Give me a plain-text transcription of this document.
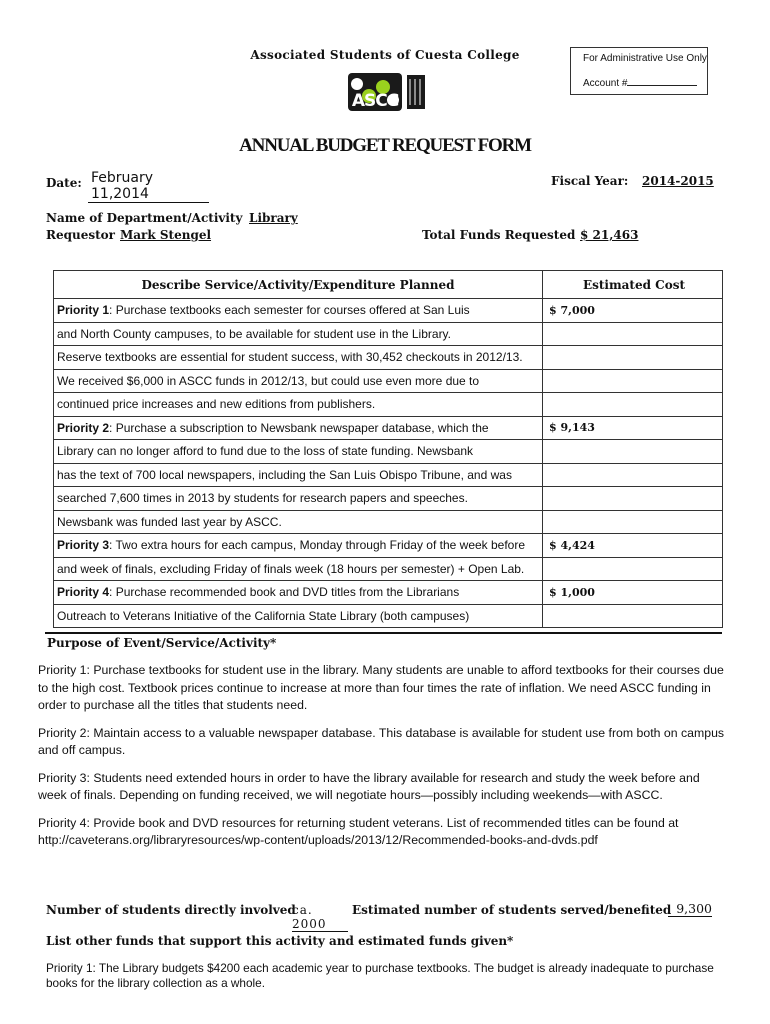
Associated Students of Cuesta College	For Administrative Use Only
Account #
ASCC
ANNUAL BUDGET REQUEST FORM
Date: February 11,2014
Fiscal Year: 2014-2015
Name of Department/Activity Library
Requestor Mark Stengel	Total Funds Requested $ 21,463
Describe Service/Activity/Expenditure Planned	Estimated Cost
Priority 1: Purchase textbooks each semester for courses offered at San Luis	$ 7,000
and North County campuses, to be available for student use in the Library.	
Reserve textbooks are essential for student success, with 30,452 checkouts in 2012/13.	
We received $6,000 in ASCC funds in 2012/13, but could use even more due to	
continued price increases and new editions from publishers.	
Priority 2: Purchase a subscription to Newsbank newspaper database, which the	$ 9,143
Library can no longer afford to fund due to the loss of state funding. Newsbank	
has the text of 700 local newspapers, including the San Luis Obispo Tribune, and was	
searched 7,600 times in 2013 by students for research papers and speeches.	
Newsbank was funded last year by ASCC.	
Priority 3: Two extra hours for each campus, Monday through Friday of the week before	$ 4,424
and week of finals, excluding Friday of finals week (18 hours per semester) + Open Lab.	
Priority 4: Purchase recommended book and DVD titles from the Librarians	$ 1,000
Outreach to Veterans Initiative of the California State Library (both campuses)	
Purpose of Event/Service/Activity*

Priority 1: Purchase textbooks for student use in the library. Many students are unable to afford textbooks for their courses due to the high cost. Textbook prices continue to increase at more than four times the rate of inflation. We need ASCC funding in order to purchase all the titles that students need.

Priority 2: Maintain access to a valuable newspaper database. This database is available for student use from both on campus and off campus.

Priority 3: Students need extended hours in order to have the library available for research and study the week before and week of finals. Depending on funding received, we will negotiate hours—possibly including weekends—with ASCC.

Priority 4: Provide book and DVD resources for returning student veterans. List of recommended titles can be found at http://caveterans.org/libraryresources/wp-content/uploads/2013/12/Recommended-books-and-dvds.pdf

Number of students directly involved
ca. 2000
Estimated number of students served/benefited 9,300
List other funds that support this activity and estimated funds given*
Priority 1: The Library budgets $4200 each academic year to purchase textbooks. The budget is already inadequate to purchase books for the library collection as a whole.
